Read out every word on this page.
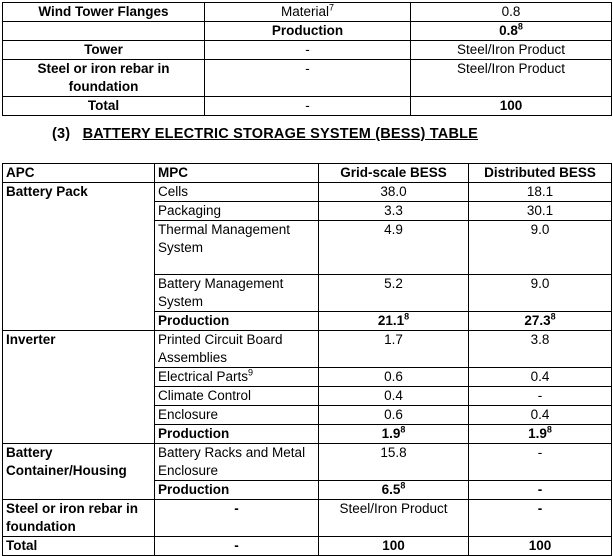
Wind Tower Flanges	Material$^7$	0.8
	Production	$0.8^8$
Tower	-	Steel/Iron Product
Steel or iron rebar in foundation	-	Steel/Iron Product
Total	-	100
(3) BATTERY ELECTRIC STORAGE SYSTEM (BESS) TABLE
APC	MPC	Grid-scale BESS	Distributed BESS
Battery Pack	Cells	38.0	18.1
	Packaging	3.3	30.1
	Thermal Management System	4.9	9.0
	Battery Management System	5.2	9.0
	Production	21.1$^8$	27.3$^8$
Inverter	Printed Circuit Board Assemblies	1.7	3.8
	Electrical Parts$^9$	0.6	0.4
	Climate Control	0.4	-
	Enclosure	0.6	0.4
	Production	$1.9^8$	$1.9^8$
Battery Container/Housing	Battery Racks and Metal Enclosure	15.8	-
	Production	$6.5^8$	-
Steel or iron rebar in foundation	-	Steel/Iron Product	-
Total	-	100	100
